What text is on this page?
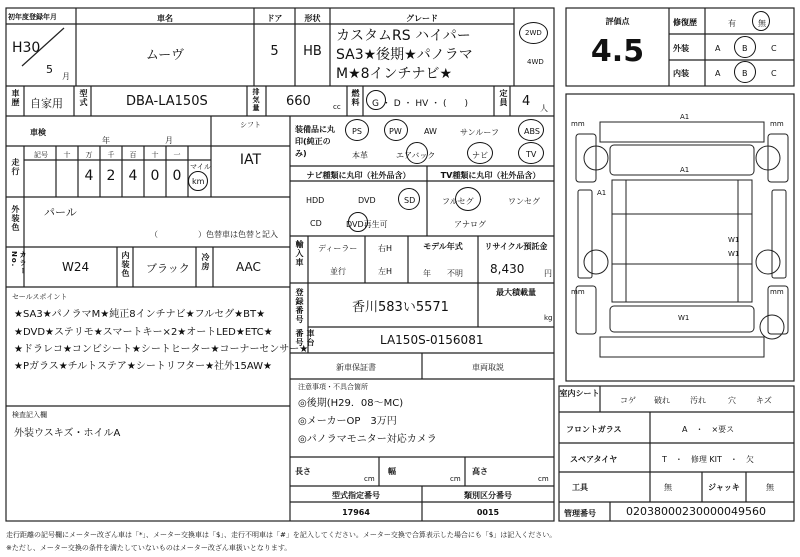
初年度登録年月
H30
5
月
車名
ムーヴ
ドア
5
形状
HB
グレード
カスタムRS ハイパーSA3★後期★パノラマM★8インチナビ★
2WD
4WD
車歴 自家用 型式	DBA-LA150S	排気量 660	cc 燃料 G ・ D ・ HV ・ (　　)	定員 4 人
評価点
4.5
修復歴	有	無
外装	A	B	C
内装	A	B	C
車検
年	月
シフト
IAT
走行
記号	十	万	千	百	十	一
4 2 4 0 0
マイル
km
外装色 パール
（　　　　　）色替車は色替と記入
カラーNo.	W24	内装色 ブラック 冷房 AAC
装備品に丸印(純正のみ)
PS	PW	AW	サンルーフ	ABS
本革	エアバック	ナビ	TV
ナビ種類に丸印（社外品含）
HDD	DVD	SD
CD	DVD再生可
TV種類に丸印（社外品含）
フルセグ	ワンセグ
アナログ
輸入車 ディーラー
並行
右H
左H
モデル年式
年　　不明
リサイクル預託金
8,430 円
セールスポイント
★SA3★パノラマM★純正8インチナビ★フルセグ★BT★
★DVD★ステリモ★スマートキー×2★オートLED★ETC★
★ドラレコ★コンビシート★シートヒーター★コーナーセンサー★
★Pガラス★チルトステア★シートリフター★社外15AW★
登録番号	香川583い5571
最大積載量
kg
車台番号	LA150S-0156081
新車保証書	車両取説
注意事項・不具合箇所
◎後期(H29．08～MC)
◎メーカーOP　3万円
◎パノラマモニター対応カメラ
検査記入欄
外装ウスキズ・ホイルA
長さ
cm
幅
cm
高さ
cm
型式指定番号
17964
類別区分番号
0015
室内シート
コゲ 破れ	汚れ	穴	キズ
フロントガラス	A　・　×要ス
スペアタイヤ	T　・　修理 KIT　・　欠
工具	無	ジャッキ	無
管理番号	02038000230000049560
A1
A1
A1
W1
W1
W1
mm	mm
mm	mm
走行距離の記号欄にメーター改ざん車は「*」、メーター交換車は「$」、走行不明車は「#」を記入してください。メーター交換で合算表示した場合にも「$」は記入ください。
※ただし、メーター交換の条件を満たしていないものはメーター改ざん車扱いとなります。
